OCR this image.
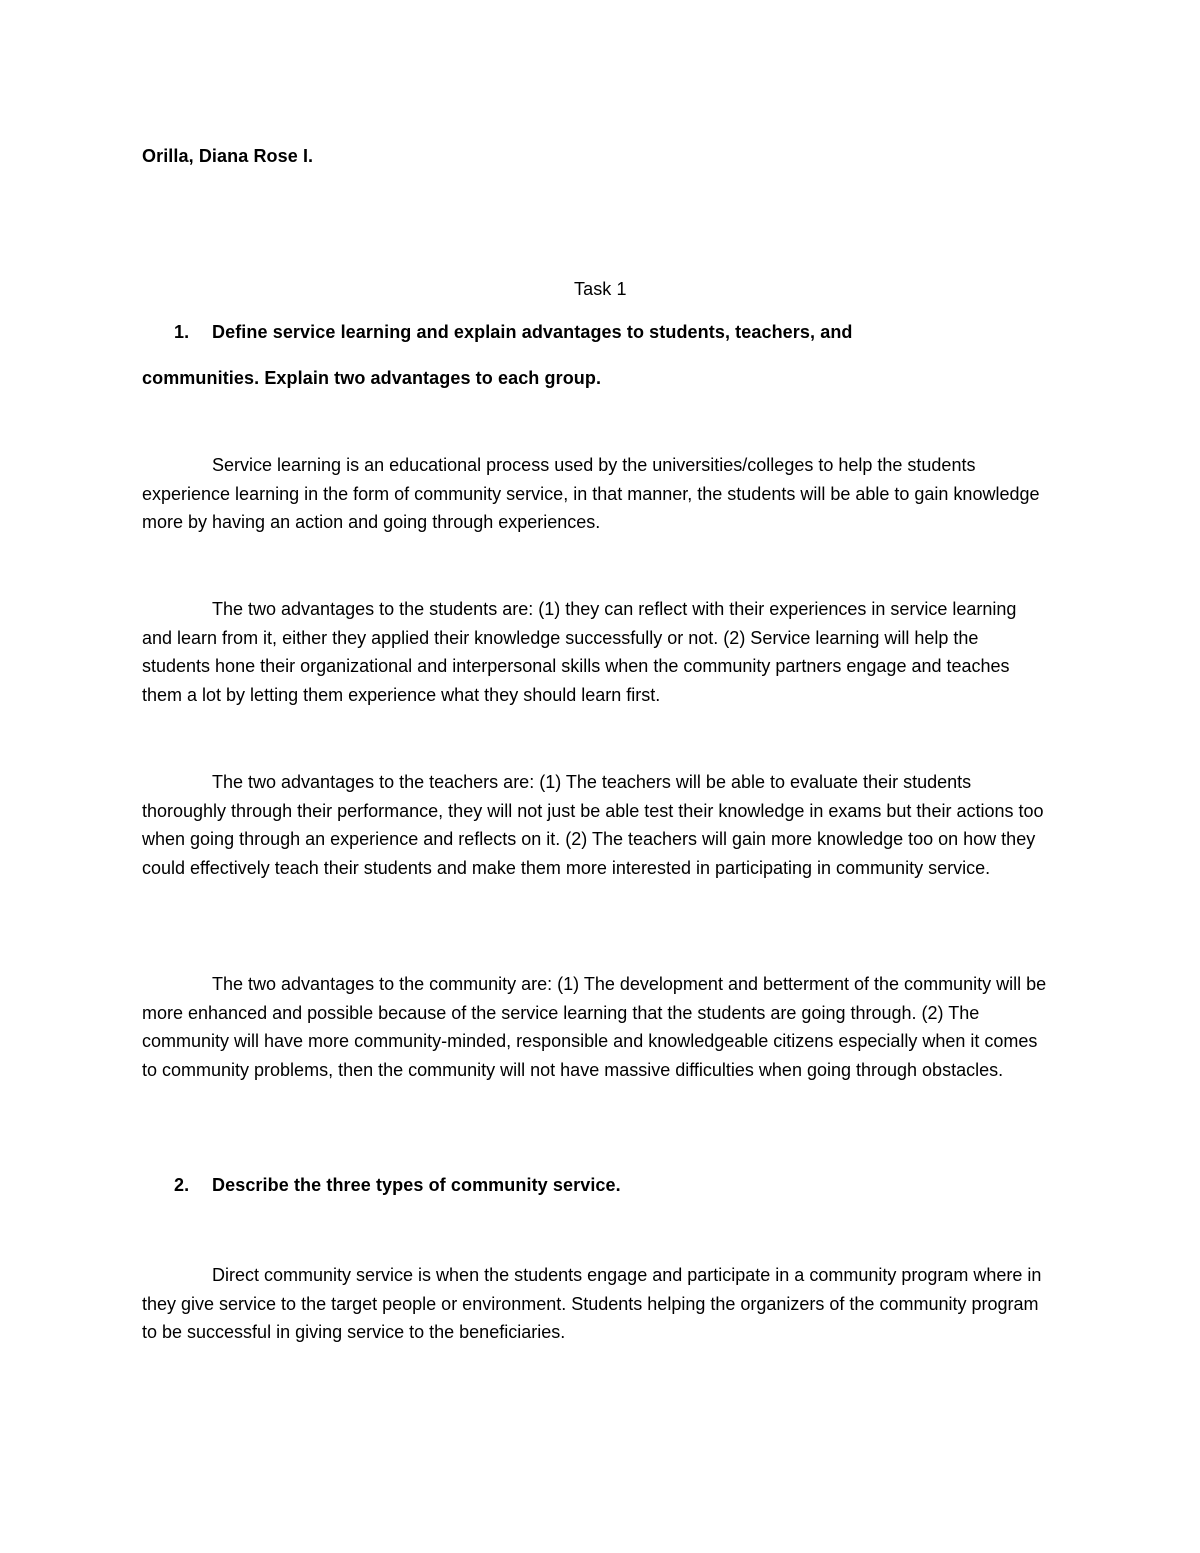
Orilla, Diana Rose I.
Task 1
1. Define service learning and explain advantages to students, teachers, and
communities. Explain two advantages to each group.

Service learning is an educational process used by the universities/colleges to help the students experience learning in the form of community service, in that manner, the students will be able to gain knowledge more by having an action and going through experiences.

The two advantages to the students are: (1) they can reflect with their experiences in service learning and learn from it, either they applied their knowledge successfully or not. (2) Service learning will help the students hone their organizational and interpersonal skills when the community partners engage and teaches them a lot by letting them experience what they should learn first.

The two advantages to the teachers are: (1) The teachers will be able to evaluate their students thoroughly through their performance, they will not just be able test their knowledge in exams but their actions too when going through an experience and reflects on it. (2) The teachers will gain more knowledge too on how they could effectively teach their students and make them more interested in participating in community service.

The two advantages to the community are: (1) The development and betterment of the community will be more enhanced and possible because of the service learning that the students are going through. (2) The community will have more community-minded, responsible and knowledgeable citizens especially when it comes to community problems, then the community will not have massive difficulties when going through obstacles.

2. Describe the three types of community service.

Direct community service is when the students engage and participate in a community program where in they give service to the target people or environment. Students helping the organizers of the community program to be successful in giving service to the beneficiaries.
